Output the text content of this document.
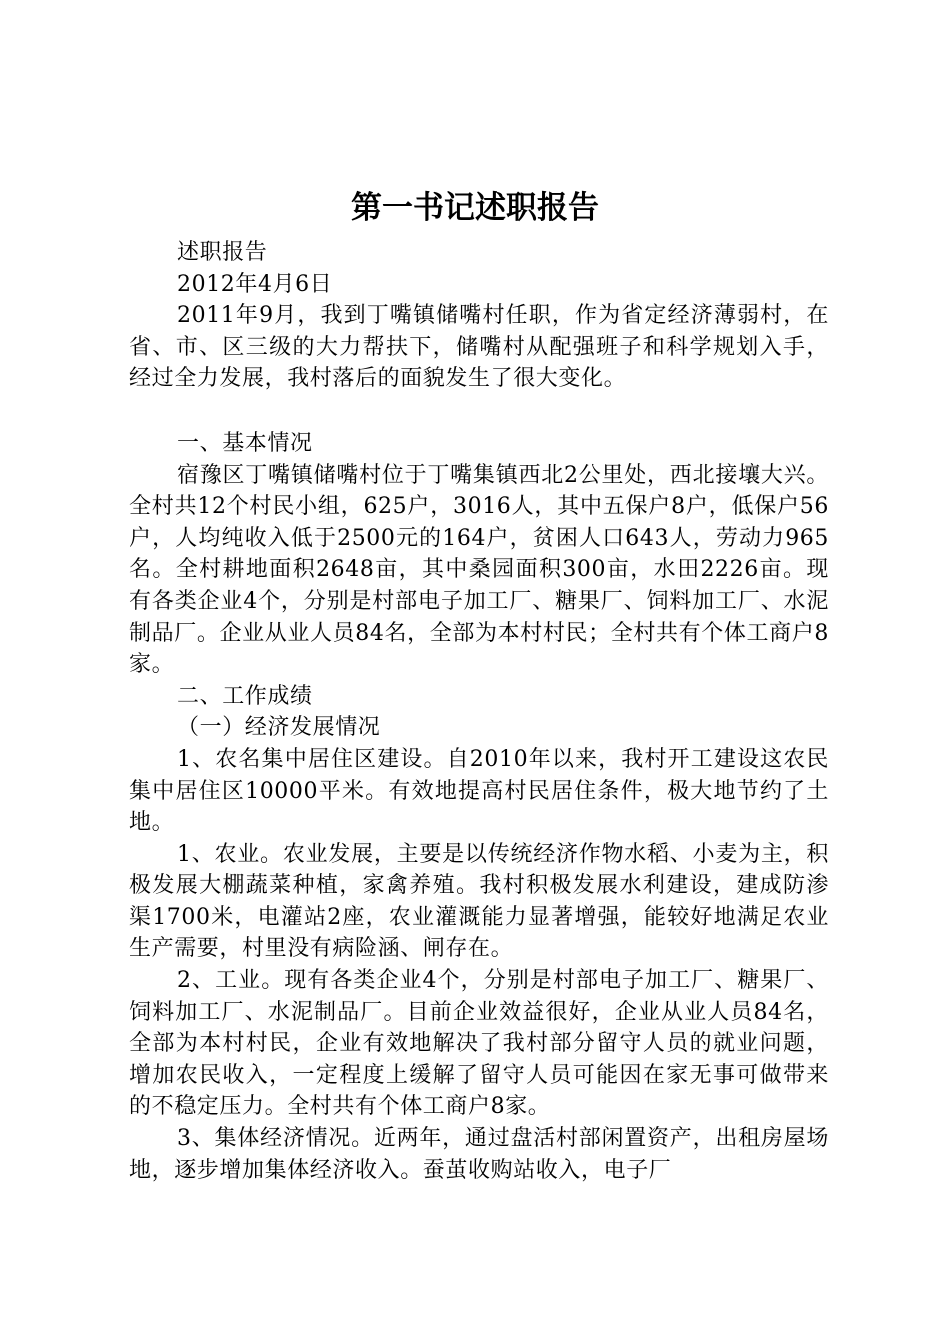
第一书记述职报告

述职报告

2012年4月6日

2011年9月，我到丁嘴镇储嘴村任职，作为省定经济薄弱村，在省、市、区三级的大力帮扶下，储嘴村从配强班子和科学规划入手，经过全力发展，我村落后的面貌发生了很大变化。

一、基本情况

宿豫区丁嘴镇储嘴村位于丁嘴集镇西北2公里处，西北接壤大兴。全村共12个村民小组，625户，3016人，其中五保户8户，低保户56户，人均纯收入低于2500元的164户，贫困人口643人，劳动力965名。全村耕地面积2648亩，其中桑园面积300亩，水田2226亩。现有各类企业4个，分别是村部电子加工厂、糖果厂、饲料加工厂、水泥制品厂。企业从业人员84名，全部为本村村民；全村共有个体工商户8家。

二、工作成绩

（一）经济发展情况

1、农名集中居住区建设。自2010年以来，我村开工建设这农民集中居住区10000平米。有效地提高村民居住条件，极大地节约了土地。

1、农业。农业发展，主要是以传统经济作物水稻、小麦为主，积极发展大棚蔬菜种植，家禽养殖。我村积极发展水利建设，建成防渗渠1700米，电灌站2座，农业灌溉能力显著增强，能较好地满足农业生产需要，村里没有病险涵、闸存在。

2、工业。现有各类企业4个，分别是村部电子加工厂、糖果厂、饲料加工厂、水泥制品厂。目前企业效益很好，企业从业人员84名，全部为本村村民，企业有效地解决了我村部分留守人员的就业问题，增加农民收入，一定程度上缓解了留守人员可能因在家无事可做带来的不稳定压力。全村共有个体工商户8家。

3、集体经济情况。近两年，通过盘活村部闲置资产，出租房屋场地，逐步增加集体经济收入。蚕茧收购站收入，电子厂
